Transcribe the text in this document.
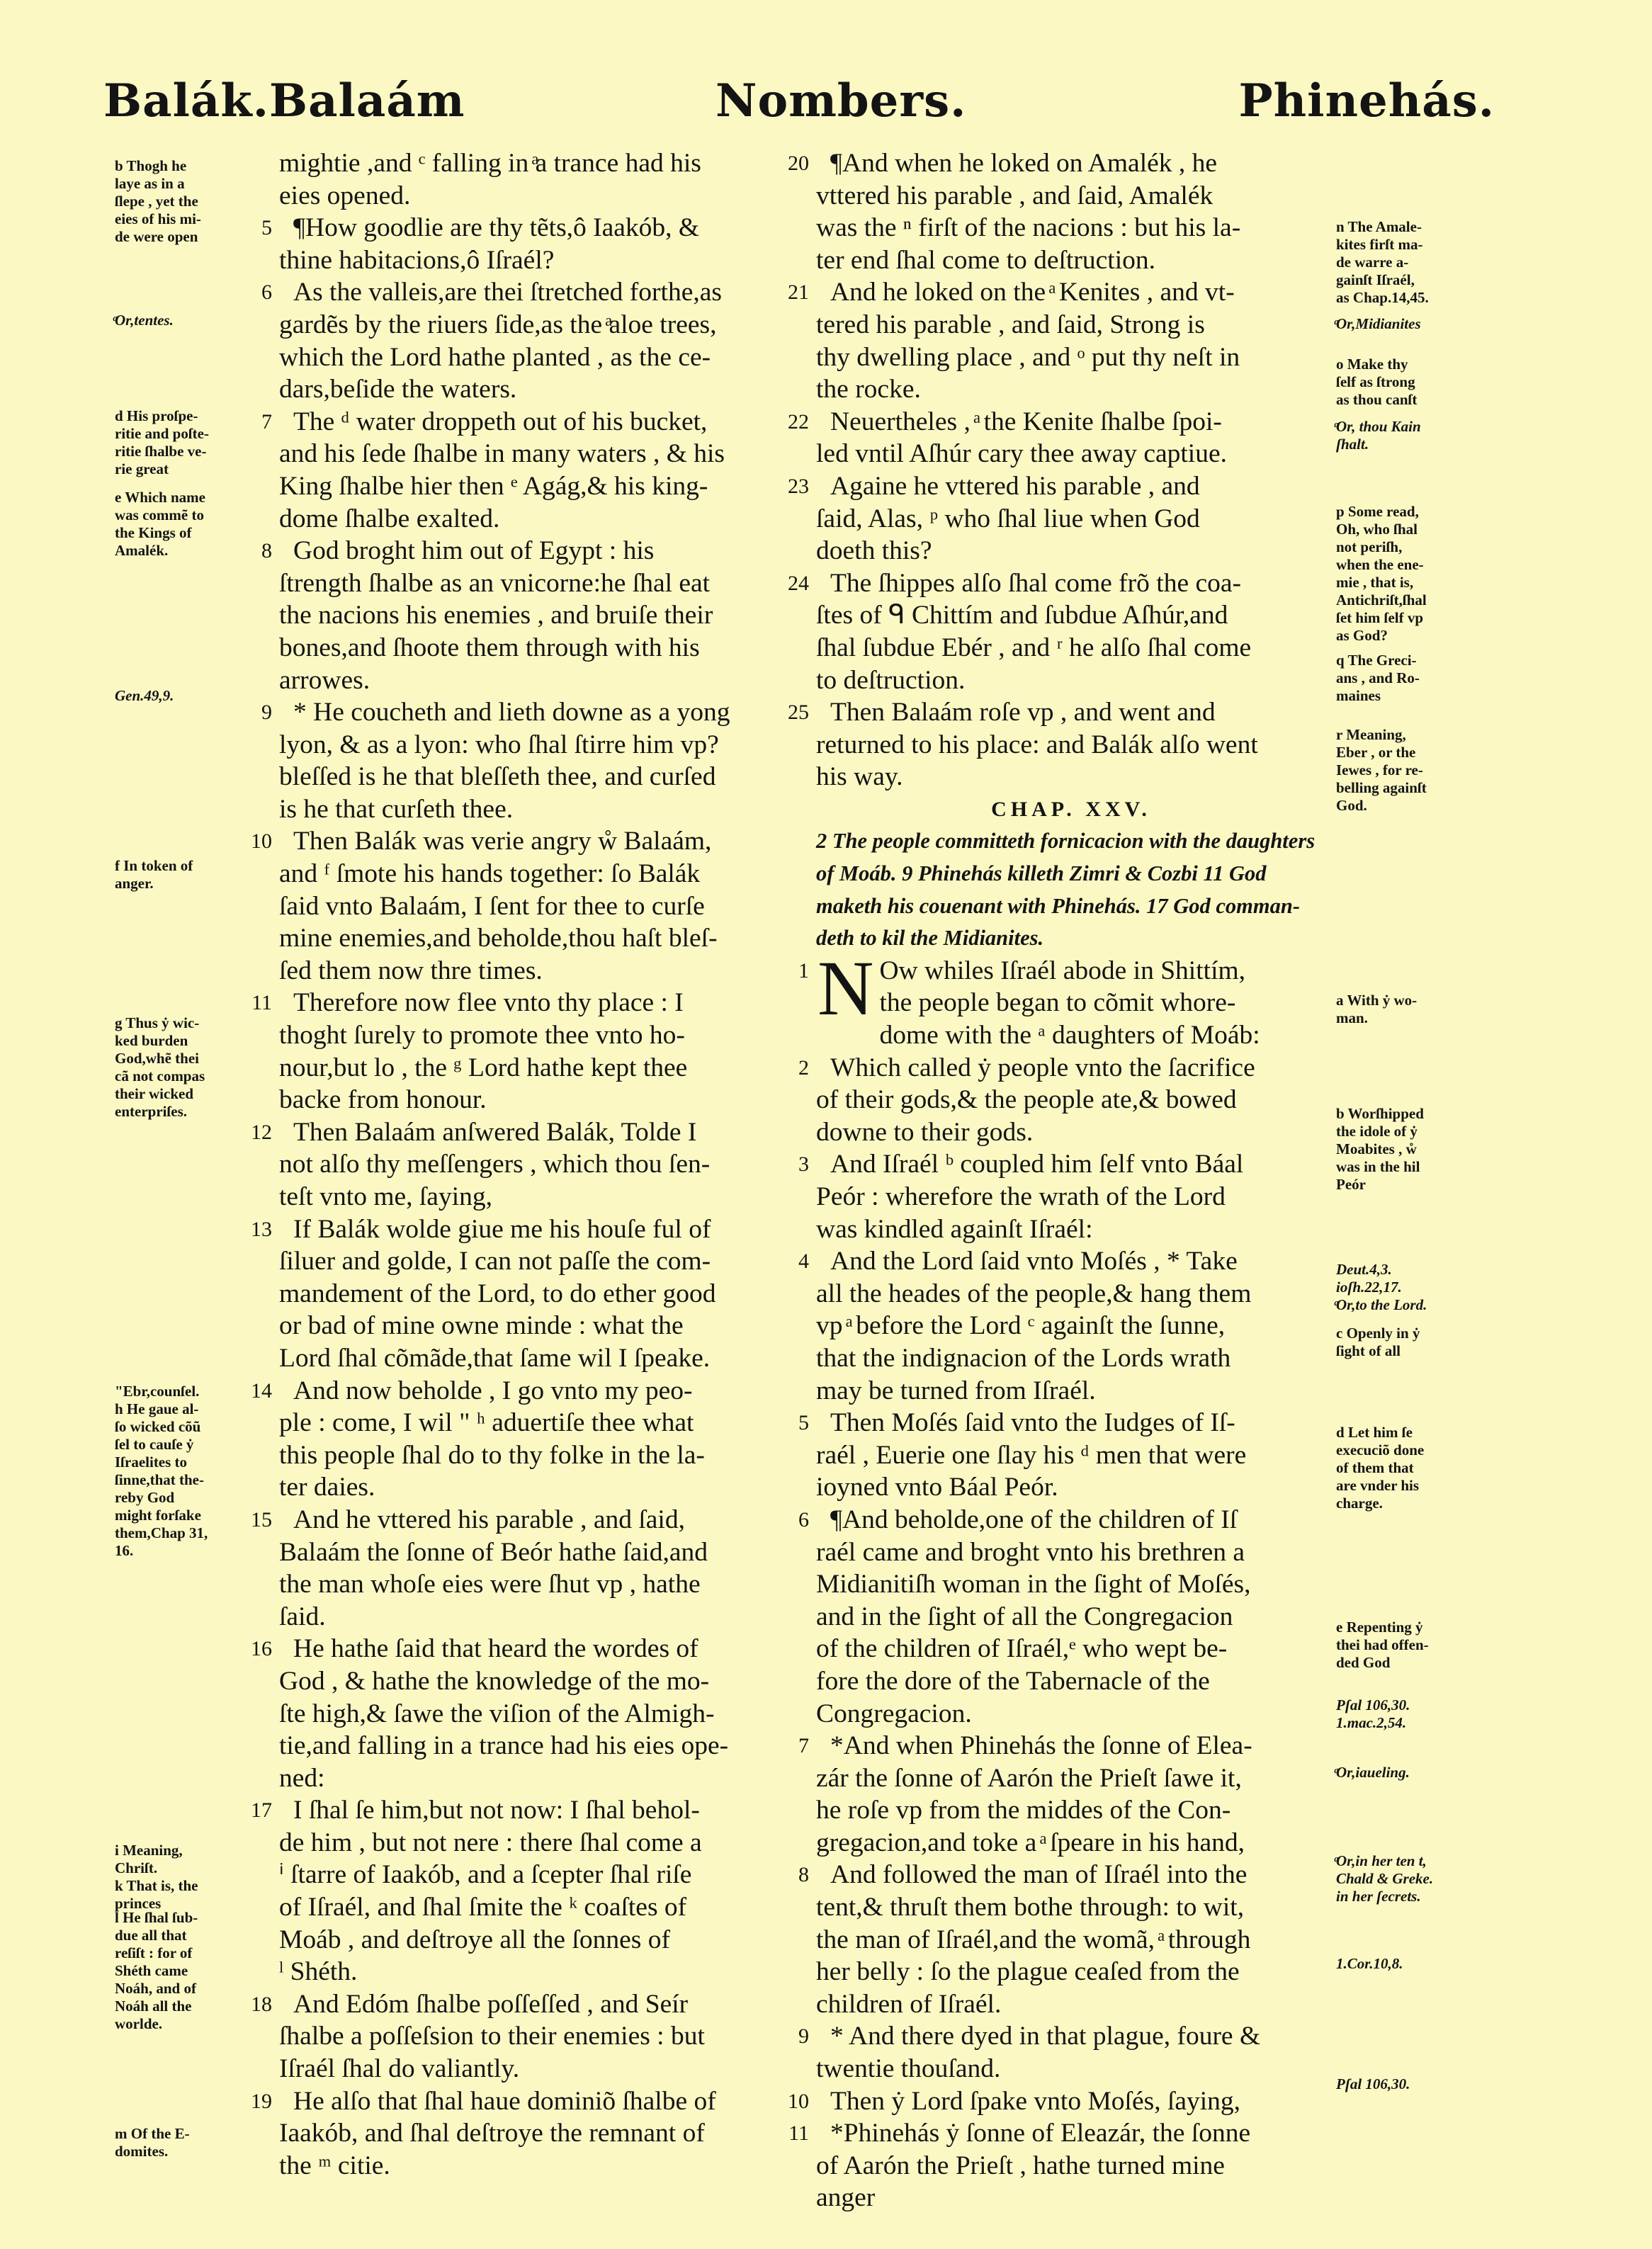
Balák.Balaám	Nombers.	Phinehás.
mightie ,and ᶜ falling in ͣa trance had his
eies opened.
5 ¶How goodlie are thy tẽts,ô Iaakób, &
thine habitacions,ô Iſraél?
6 As the vallеis,are thei ſtretched forthe,as
gardẽs by the riuers ſide,as the ͣaloe trees,
which the Lord hathe planted , as the ce-
dars,beſide the waters.
7 The ᵈ water droppeth out of his bucket,
and his ſede ſhalbe in many waters , & his
King ſhalbe hier then ᵉ Agág,& his king-
dome ſhalbe exalted.
8 God broght him out of Egypt : his
ſtrength ſhalbe as an vnicorne:he ſhal eat
the nacions his enemies , and bruiſe their
bones,and ſhoote them through with his
arrowes.
9 * He coucheth and lieth downe as a yong
lyon, & as a lyon: who ſhal ſtirre him vp?
bleſſed is he that bleſſeth thee, and curſed
is he that curſeth thee.
10 Then Balák was verie angry ẘ Balaám,
and ᶠ ſmote his hands together: ſo Balák
ſaid vnto Balaám, I ſent for thee to curſe
mine enemies,and beholde,thou haſt bleſ-
ſed them now thre times.
11 Therefore now flee vnto thy place : I
thoght ſurely to promote thee vnto ho-
nour,but lo , the ᵍ Lord hathe kept thee
backe from honour.
12 Then Balaám anſwered Balák, Tolde I
not alſo thy meſſengers , which thou ſen-
teſt vnto me, ſaying,
13 If Balák wolde giue me his houſe ful of
ſiluer and golde, I can not paſſe the com-
mandement of the Lord, to do ether good
or bad of mine owne minde : what the
Lord ſhal cõmãde,that ſame wil I ſpeake.
14 And now beholde , I go vnto my peo-
ple : come, I wil " ʰ aduertiſe thee what
this people ſhal do to thy folke in the la-
ter daies.
15 And he vttered his parable , and ſaid,
Balaám the ſonne of Beór hathe ſaid,and
the man whoſe eies were ſhut vp , hathe
ſaid.
16 He hathe ſaid that heard the wordes of
God , & hathe the knowledge of the mo-
ſte high,& ſawe the viſion of the Almigh-
tie,and falling in a trance had his eies ope-
ned:
17 I ſhal ſe him,but not now: I ſhal behol-
de him , but not nere : there ſhal come a
ⁱ ſtarre of Iaakób, and a ſcepter ſhal riſe
of Iſraél, and ſhal ſmite the ᵏ coaſtes of
Moáb , and deſtroye all the ſonnes of
ˡ Shéth.
18 And Edóm ſhalbe poſſeſſed , and Seír
ſhalbe a poſſeſsion to their enemies : but
Iſraél ſhal do valiantly.
19 He alſo that ſhal haue dominiõ ſhalbe of
Iaakób, and ſhal deſtroye the remnant of
the ᵐ citie.
20 ¶And when he loked on Amalék , he
vttered his parable , and ſaid, Amalék
was the ⁿ firſt of the nacions : but his la-
ter end ſhal come to deſtruction.
21 And he loked on the ͣ Kenites , and vt-
tered his parable , and ſaid, Strong is
thy dwelling place , and ᵒ put thy neſt in
the rocke.
22 Neuertheles , ͣ the Kenite ſhalbe ſpoi-
led vntil Aſhúr cary thee away captiue.
23 Againe he vttered his parable , and
ſaid, Alas, ᵖ who ſhal liue when God
doeth this?
24 The ſhippes alſo ſhal come frõ the coa-
ſtes of ᑫ Chittím and ſubdue Aſhúr,and
ſhal ſubdue Ebér , and ʳ he alſo ſhal come
to deſtruction.
25 Then Balaám roſe vp , and went and
returned to his place: and Balák alſo went
his way.
CHAP. XXV.
2 The people committeth fornicacion with the daughters
of Moáb. 9 Phinehás killeth Zimri & Cozbi 11 God
maketh his couenant with Phinehás. 17 God comman-
deth to kil the Midianites.
1 N Ow whiles Iſraél abode in Shittím,
the people began to cõmit whore-
dome with the ᵃ daughters of Moáb:
2 Which called ẏ people vnto the ſacrifice
of their gods,& the people ate,& bowed
downe to their gods.
3 And Iſraél ᵇ coupled him ſelf vnto Báal
Peór : wherefore the wrath of the Lord
was kindled againſt Iſraél:
4 And the Lord ſaid vnto Moſés , * Take
all the heades of the people,& hang them
vp ͣ before the Lord ᶜ againſt the ſunne,
that the indignacion of the Lords wrath
may be turned from Iſraél.
5 Then Moſés ſaid vnto the Iudges of Iſ-
raél , Euerie one ſlay his ᵈ men that were
ioyned vnto Báal Peór.
6 ¶And beholde,one of the children of Iſ
raél came and broght vnto his brethren a
Midianitiſh woman in the ſight of Moſés,
and in the ſight of all the Congregacion
of the children of Iſraél,ᵉ who wept be-
fore the dore of the Tabernacle of the
Congregacion.
7 *And when Phinehás the ſonne of Elea-
zár the ſonne of Aarón the Prieſt ſawe it,
he roſe vp from the middes of the Con-
gregacion,and toke a ͣ ſpeare in his hand,
8 And followed the man of Iſraél into the
tent,& thruſt them bothe through: to wit,
the man of Iſraél,and the womã, ͣ through
her belly : ſo the plague ceaſed from the
children of Iſraél.
9 * And there dyed in that plague, foure &
twentie thouſand.
10 Then ẏ Lord ſpake vnto Moſés, ſaying,
11 *Phinehás ẏ ſonne of Eleazár, the ſonne
of Aarón the Prieſt , hathe turned mine
anger
b Thogh he
laye as in a
ſlepe , yet the
eies of his mi-
de were open
ͣOr,tentes.
d His proſpe-
ritie and poſte-
ritie ſhalbe ve-
rie great
e Which name
was commẽ to
the Kings of
Amalék.
Gen.49,9.
f In token of
anger.
g Thus ẏ wic-
ked burden
God,whẽ thei
cã not compas
their wicked
enterpriſes.
"Ebr,counſel.
h He gaue al-
ſo wicked cõũ
ſel to cauſe ẏ
Iſraelites to
ſinne,that the-
reby God
might forſake
them,Chap 31,
16.
i Meaning,
Chriſt.
k That is, the
princes
l He ſhal ſub-
due all that
reſiſt : for of
Shéth came
Noáh, and of
Noáh all the
worlde.
m Of the E-
domites.
n The Amale-
kites firſt ma-
de warre a-
gainſt Iſraél,
as Chap.14,45.
ͣOr,Midianites
o Make thy
ſelf as ſtrong
as thou canſt
ͣOr, thou Kain
ſhalt.
p Some read,
Oh, who ſhal
not periſh,
when the ene-
mie , that is,
Antichriſt,ſhal
ſet him ſelf vp
as God?
q The Greci-
ans , and Ro-
maines
r Meaning,
Eber , or the
Iewes , for re-
belling againſt
God.
a With ẏ wo-
man.
b Worſhipped
the idole of ẏ
Moabites , ẘ
was in the hil
Peór
Deut.4,3.
ioſh.22,17.
ͣOr,to the Lord.
c Openly in ẏ
ſight of all
d Let him ſe
execuciõ done
of them that
are vnder his
charge.
e Repenting ẏ
thei had offen-
ded God
Pſal 106,30.
1.mac.2,54.
ͣOr,iaueling.
ͣOr,in her ten t,
Chald & Greke.
in her ſecrets.
1.Cor.10,8.
Pſal 106,30.
